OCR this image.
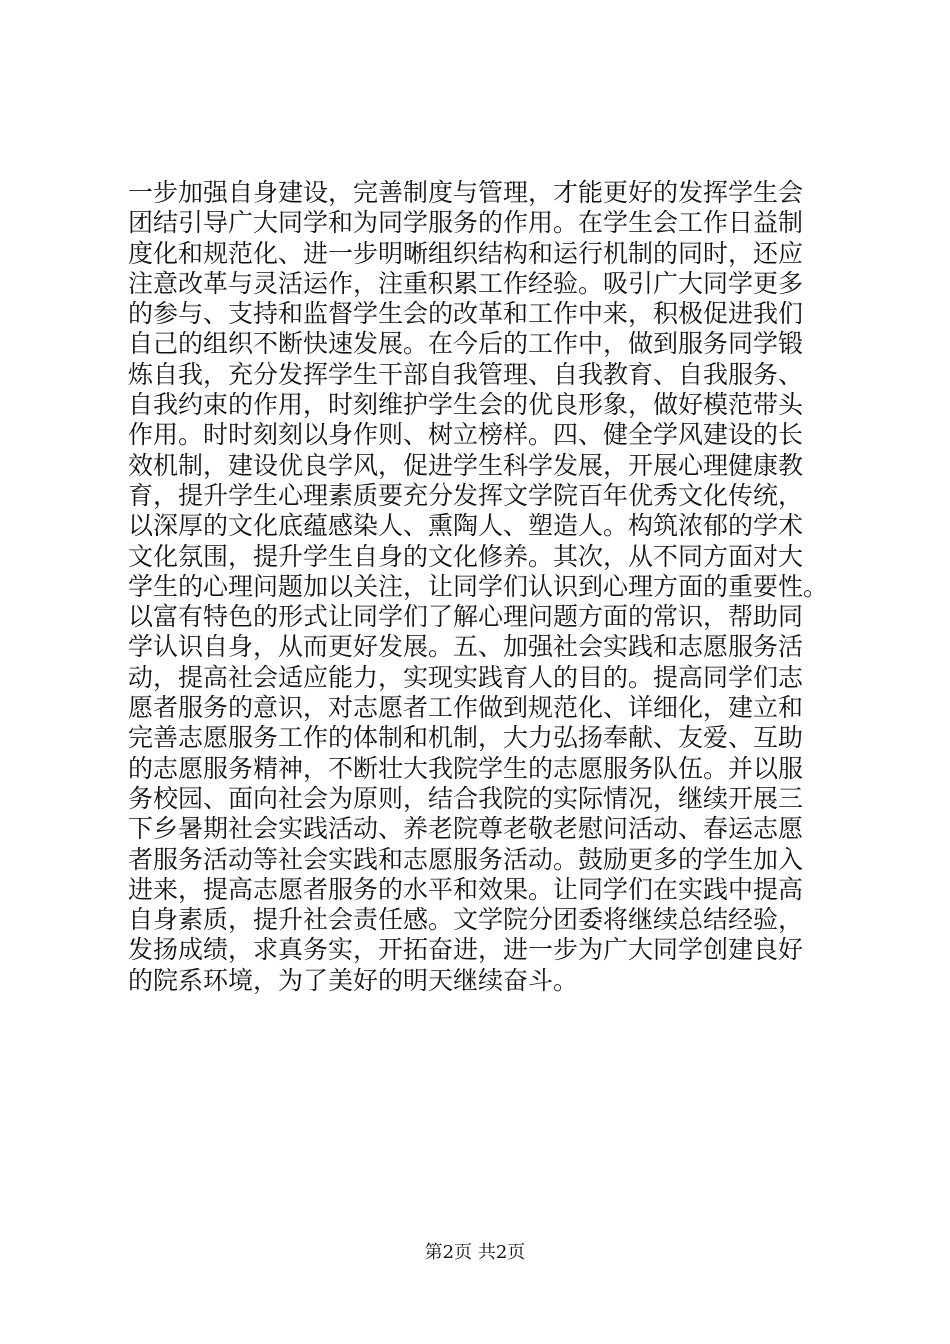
一步加强自身建设，完善制度与管理，才能更好的发挥学生会
团结引导广大同学和为同学服务的作用。在学生会工作日益制
度化和规范化、进一步明晰组织结构和运行机制的同时，还应
注意改革与灵活运作，注重积累工作经验。吸引广大同学更多
的参与、支持和监督学生会的改革和工作中来，积极促进我们
自己的组织不断快速发展。在今后的工作中，做到服务同学锻
炼自我，充分发挥学生干部自我管理、自我教育、自我服务、
自我约束的作用，时刻维护学生会的优良形象，做好模范带头
作用。时时刻刻以身作则、树立榜样。四、健全学风建设的长
效机制，建设优良学风，促进学生科学发展，开展心理健康教
育，提升学生心理素质要充分发挥文学院百年优秀文化传统，
以深厚的文化底蕴感染人、熏陶人、塑造人。构筑浓郁的学术
文化氛围，提升学生自身的文化修养。其次，从不同方面对大
学生的心理问题加以关注，让同学们认识到心理方面的重要性。
以富有特色的形式让同学们了解心理问题方面的常识，帮助同
学认识自身，从而更好发展。五、加强社会实践和志愿服务活
动，提高社会适应能力，实现实践育人的目的。提高同学们志
愿者服务的意识，对志愿者工作做到规范化、详细化，建立和
完善志愿服务工作的体制和机制，大力弘扬奉献、友爱、互助
的志愿服务精神，不断壮大我院学生的志愿服务队伍。并以服
务校园、面向社会为原则，结合我院的实际情况，继续开展三
下乡暑期社会实践活动、养老院尊老敬老慰问活动、春运志愿
者服务活动等社会实践和志愿服务活动。鼓励更多的学生加入
进来，提高志愿者服务的水平和效果。让同学们在实践中提高
自身素质，提升社会责任感。文学院分团委将继续总结经验，
发扬成绩，求真务实，开拓奋进，进一步为广大同学创建良好
的院系环境，为了美好的明天继续奋斗。
第2页 共2页
